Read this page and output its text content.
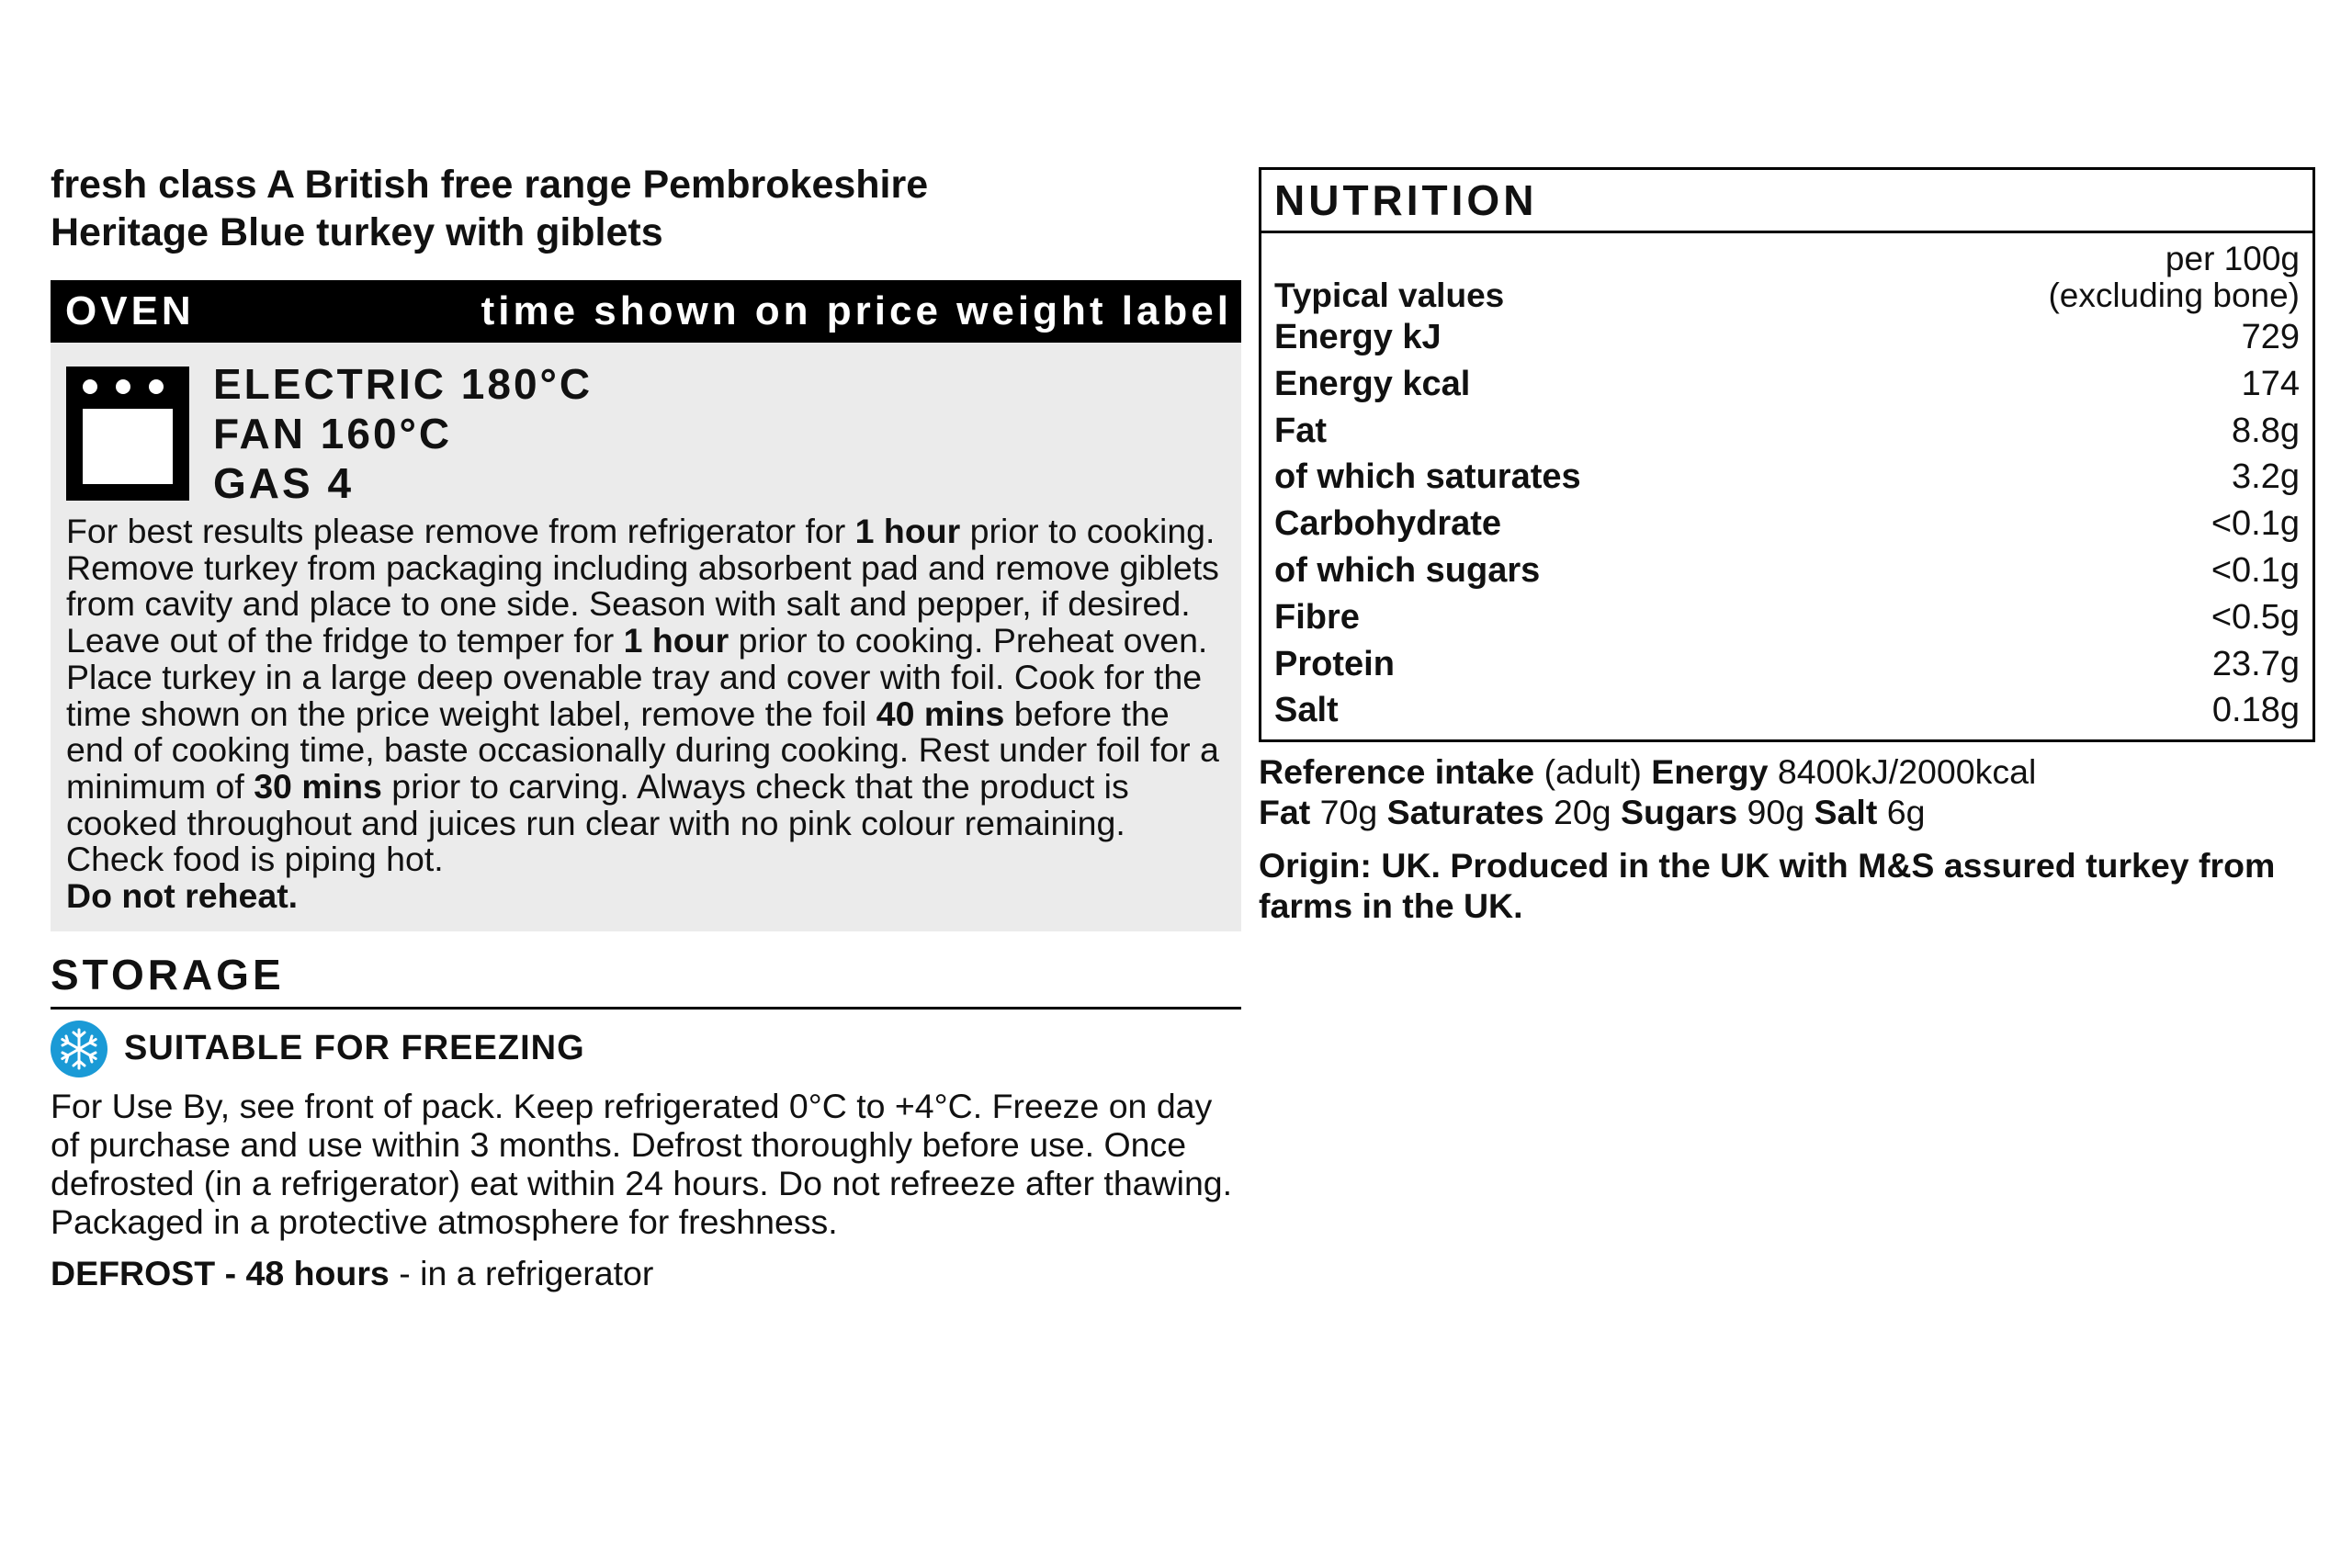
fresh class A British free range Pembrokeshire
Heritage Blue turkey with giblets
OVEN	time shown on price weight label
ELECTRIC 180°C
FAN 160°C
GAS 4
For best results please remove from refrigerator for 1 hour prior to cooking. Remove turkey from packaging including absorbent pad and remove giblets from cavity and place to one side. Season with salt and pepper, if desired. Leave out of the fridge to temper for 1 hour prior to cooking. Preheat oven. Place turkey in a large deep ovenable tray and cover with foil. Cook for the time shown on the price weight label, remove the foil 40 mins before the end of cooking time, baste occasionally during cooking. Rest under foil for a minimum of 30 mins prior to carving. Always check that the product is cooked throughout and juices run clear with no pink colour remaining. Check food is piping hot.
Do not reheat.
STORAGE
SUITABLE FOR FREEZING
For Use By, see front of pack. Keep refrigerated 0°C to +4°C. Freeze on day of purchase and use within 3 months. Defrost thoroughly before use. Once defrosted (in a refrigerator) eat within 24 hours. Do not refreeze after thawing. Packaged in a protective atmosphere for freshness.
DEFROST - 48 hours - in a refrigerator
NUTRITION
per 100g
Typical values	(excluding bone)
Energy kJ	729
Energy kcal	174
Fat	8.8g
of which saturates	3.2g
Carbohydrate	<0.1g
of which sugars	<0.1g
Fibre	<0.5g
Protein	23.7g
Salt	0.18g
Reference intake (adult) Energy 8400kJ/2000kcal
Fat 70g Saturates 20g Sugars 90g Salt 6g
Origin: UK. Produced in the UK with M&S assured turkey from farms in the UK.
